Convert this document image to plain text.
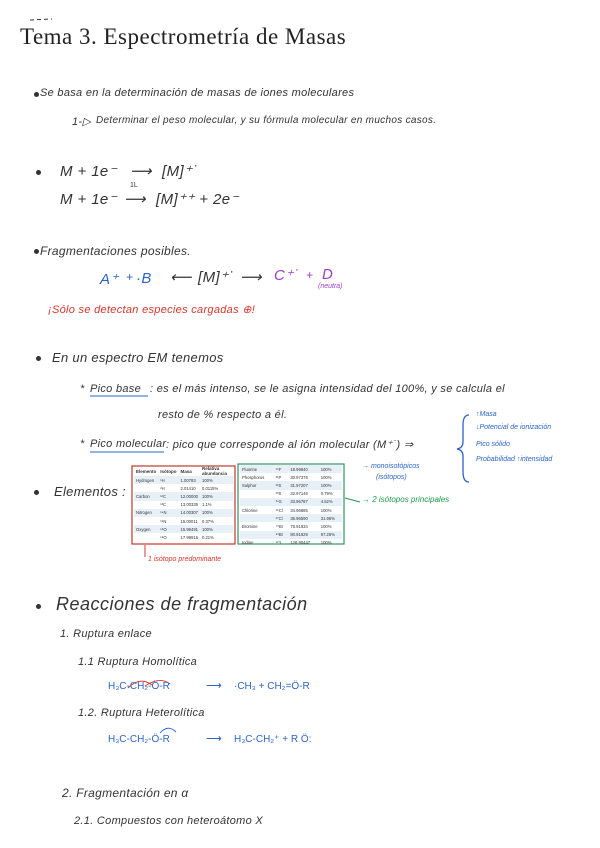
Tema 3. Espectrometría de Masas
Se basa en la determinación de masas de iones moleculares
1-▷ Determinar el peso molecular, y su fórmula molecular en muchos casos.
M + 1e⁻ ⟶ [M]⁺˙
M + 1e⁻
1L
⟶ [M]⁺⁺ + 2e⁻
Fragmentaciones posibles.
A⁺ + ·B ⟵ [M]⁺˙ ⟶ C⁺˙ + D
(neutra)
¡Sólo se detectan especies cargadas ⊕!
En un espectro EM tenemos
* Pico base : es el más intenso, se le asigna intensidad del 100%, y se calcula el
resto de % respecto a él.
* Pico molecular : pico que corresponde al ión molecular (M⁺˙) ⇒
↑Masa
↓Potencial de ionización
Pico sólido
Probabilidad ↑intensidad
Elementos :
Elemento	Isótopo	Masa	Relativa abundancia
Hydrogen	¹H	1.00783	100%
	²H	2.01410	0.0115%
Carbon	¹²C	12.00000	100%
	¹³C	13.00335	1.1%
Nitrogen	¹⁴N	14.00307	100%
	¹⁵N	15.00011	0.37%
Oxygen	¹⁶O	15.99491	100%
	¹⁸O	17.99916	0.21%
Fluorine	¹⁹F	18.99840	100%
Phosphorus	³¹P	30.97376	100%
Sulphur	³²S	31.97207	100%
	³³S	32.97146	0.79%
	³⁴S	33.96787	4.52%
Chlorine	³⁵Cl	34.96885	100%
	³⁷Cl	36.96590	31.96%
Bromine	⁷⁹Br	78.91834	100%
	⁸¹Br	80.91629	97.28%
Iodine	¹²⁷I	126.90447	100%
→ monoisotópicos
(isótopos)
→ 2 isótopos principales
1 isótopo predominante
Reacciones de fragmentación
1. Ruptura enlace
1.1 Ruptura Homolítica
H₃C-CH₂-Ö-R	⟶ ·CH₃ + CH₂=Ö-R
1.2. Ruptura Heterolítica
H₃C-CH₂-Ö-R	⟶ H₃C-CH₂⁺ + R Ö:
2. Fragmentación en α
2.1. Compuestos con heteroátomo X
